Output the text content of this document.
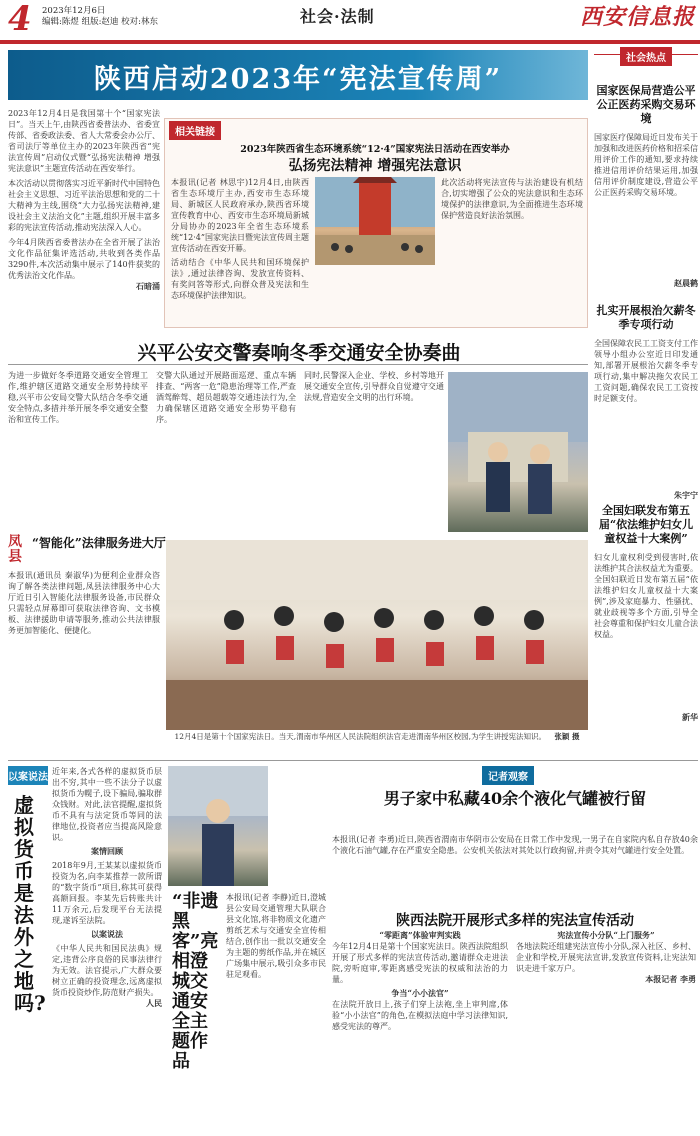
4 2023年12月6日
编辑:陈煜 组版:赵迪 校对:林东	社会·法制	西安信息报
陕西启动2023年“宪法宣传周”

2023年12月4日是我国第十个“国家宪法日”。当天上午,由陕西省委普法办、省委宣传部、省委政法委、省人大常委会办公厅、省司法厅等单位主办的2023年陕西省“宪法宣传周”启动仪式暨“弘扬宪法精神 增强宪法意识”主题宣传活动在西安举行。

本次活动以贯彻落实习近平新时代中国特色社会主义思想、习近平法治思想和党的二十大精神为主线,围绕“大力弘扬宪法精神,建设社会主义法治文化”主题,组织开展丰富多彩的宪法宣传活动,推动宪法深入人心。

今年4月陕西省委普法办在全省开展了法治文化作品征集评选活动,共收到各类作品3290件,本次活动集中展示了140件获奖的优秀法治文化作品。

石暗涌

相关链接
2023年陕西省生态环境系统“12·4”国家宪法日活动在西安举办
弘扬宪法精神 增强宪法意识

本报讯(记者 林思宇)12月4日,由陕西省生态环境厅主办,西安市生态环境局、新城区人民政府承办,陕西省环境宣传教育中心、西安市生态环境局新城分局协办的2023年全省生态环境系统“12·4”国家宪法日暨宪法宣传周主题宣传活动在西安开幕。

活动结合《中华人民共和国环境保护法》,通过法律咨询、发放宣传资料、有奖问答等形式,向群众普及宪法和生态环境保护法律知识。

此次活动将宪法宣传与法治建设有机结合,切实增强了公众的宪法意识和生态环境保护的法律意识,为全面推进生态环境保护营造良好法治氛围。

兴平公安交警奏响冬季交通安全协奏曲

为进一步做好冬季道路交通安全管理工作,维护辖区道路交通安全形势持续平稳,兴平市公安局交警大队结合冬季交通安全特点,多措并举开展冬季交通安全整治和宣传工作。

交警大队通过开展路面巡逻、重点车辆排查、“两客一危”隐患治理等工作,严查酒驾醉驾、超员超载等交通违法行为,全力确保辖区道路交通安全形势平稳有序。

同时,民警深入企业、学校、乡村等地开展交通安全宣传,引导群众自觉遵守交通法规,营造安全文明的出行环境。

凤
县
“智能化”法律服务进大厅

本报讯(通讯员 秦淑华)为便利企业群众咨询了解各类法律问题,凤县法律服务中心大厅近日引入智能化法律服务设备,市民群众只需轻点屏幕即可获取法律咨询、文书模板、法律援助申请等服务,推动公共法律服务更加智能化、便捷化。

12月4日是第十个国家宪法日。当天,渭南市华州区人民法院组织法官走进渭南华州区校园,为学生讲授宪法知识。 张颖 摄
社会热点
国家医保局营造公平公正医药采购交易环境

国家医疗保障局近日发布关于加强和改进医药价格和招采信用评价工作的通知,要求持续推进信用评价结果运用,加强信用评价制度建设,营造公平公正医药采购交易环境。

赵晨鹤

扎实开展根治欠薪冬季专项行动

全国保障农民工工资支付工作领导小组办公室近日印发通知,部署开展根治欠薪冬季专项行动,集中解决拖欠农民工工资问题,确保农民工工资按时足额支付。

朱宇宁

全国妇联发布第五届“依法维护妇女儿童权益十大案例”

妇女儿童权利受到侵害时,依法维护其合法权益尤为重要。全国妇联近日发布第五届“依法维护妇女儿童权益十大案例”,涉及家庭暴力、性骚扰、就业歧视等多个方面,引导全社会尊重和保护妇女儿童合法权益。

新华

以案说法
虚拟货币是法外之地吗?

近年来,各式各样的虚拟货币层出不穷,其中一些不法分子以虚拟货币为幌子,设下骗局,骗取群众钱财。对此,法官提醒,虚拟货币不具有与法定货币等同的法律地位,投资者应当提高风险意识。

案情回顾

2018年9月,王某某以虚拟货币投资为名,向李某推荐一款所谓的“数字货币”项目,称其可获得高额回报。李某先后转账共计11万余元,后发现平台无法提现,遂诉至法院。

以案说法

《中华人民共和国民法典》规定,违背公序良俗的民事法律行为无效。法官提示,广大群众要树立正确的投资理念,远离虚拟货币投资炒作,防范财产损失。

人民

“非遗黑客”亮相澄城交通安全主题作品

本报讯(记者 李静)近日,澄城县公安局交通管理大队联合县文化馆,将非物质文化遗产剪纸艺术与交通安全宣传相结合,创作出一批以交通安全为主题的剪纸作品,并在城区广场集中展示,吸引众多市民驻足观看。

记者观察
男子家中私藏40余个液化气罐被行留

本报讯(记者 李勇)近日,陕西省渭南市华阴市公安局在日常工作中发现,一男子在自家院内私自存放40余个液化石油气罐,存在严重安全隐患。公安机关依法对其处以行政拘留,并责令其对气罐进行安全处置。

陕西法院开展形式多样的宪法宣传活动

“零距离”体验审判实践

今年12月4日是第十个国家宪法日。陕西法院组织开展了形式多样的宪法宣传活动,邀请群众走进法院,旁听庭审,零距离感受宪法的权威和法治的力量。

争当“小小法官”

在法院开放日上,孩子们穿上法袍,坐上审判席,体验“小小法官”的角色,在模拟法庭中学习法律知识,感受宪法的尊严。

宪法宣传小分队“上门服务”

各地法院还组建宪法宣传小分队,深入社区、乡村、企业和学校,开展宪法宣讲,发放宣传资料,让宪法知识走进千家万户。

本报记者 李勇
